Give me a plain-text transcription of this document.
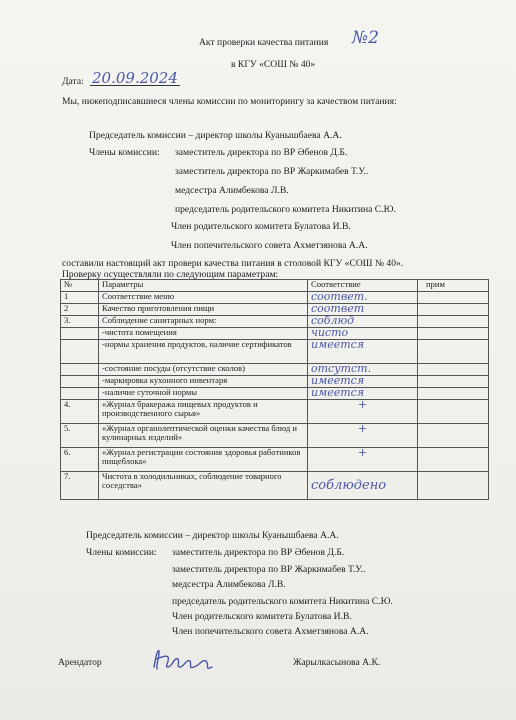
Акт проверки качества питания №2
в КГУ «СОШ № 40»
Дата: 20.09.2024
Мы, нижеподписавшиеся члены комиссии по мониторингу за качеством питания:
Председатель комиссии – директор школы Куанышбаева А.А.
Члены комиссии: заместитель директора по ВР Әбенов Д.Б.
заместитель директора по ВР Жаркимабев Т.У..
медсестра Алимбекова Л.В.
председатель родительского комитета Никитина С.Ю.
Член родительского комитета Булатова И.В.
Член попечительского совета Ахметзянова А.А.
составили настоящий акт провери качества питания в столовой КГУ «СОШ № 40».
Проверку осуществляли по следующим параметрам:
№	Параметры	Соответствие	прим
1	Соответствие меню	соответ.	
2	Качество приготовления пищи	соответ	
3.	Соблюдение санитарных норм:	соблюд	
	-чистота помещения	чисто	
	-нормы хранения продуктов, наличие сертификатов	имеется	
	-состояние посуды (отсутствие сколов)	отсутст.	
	-маркировка кухонного инвентаря	имеется	
	-наличие суточной нормы	имеется	
4.	«Журнал бракеража пищевых продуктов и производственного сырья»	+	
5.	«Журнал органолептической оценки качества блюд и кулинарных изделий»	+	
6.	«Журнал регистрации состояния здоровья работников пищеблока»	+	
7.	Чистота в холодильниках, соблюдение товарного соседства»	соблюдено	
Председатель комиссии – директор школы Куанышбаева А.А.
Члены комиссии: заместитель директора по ВР Әбенов Д.Б.
заместитель директора по ВР Жаркимабев Т.У..
медсестра Алимбекова Л.В.
председатель родительского комитета Никитина С.Ю.
Член родительского комитета Булатова И.В.
Член попечительского совета Ахметзянова А.А.
Арендатор	Жарылкасынова А.К.
